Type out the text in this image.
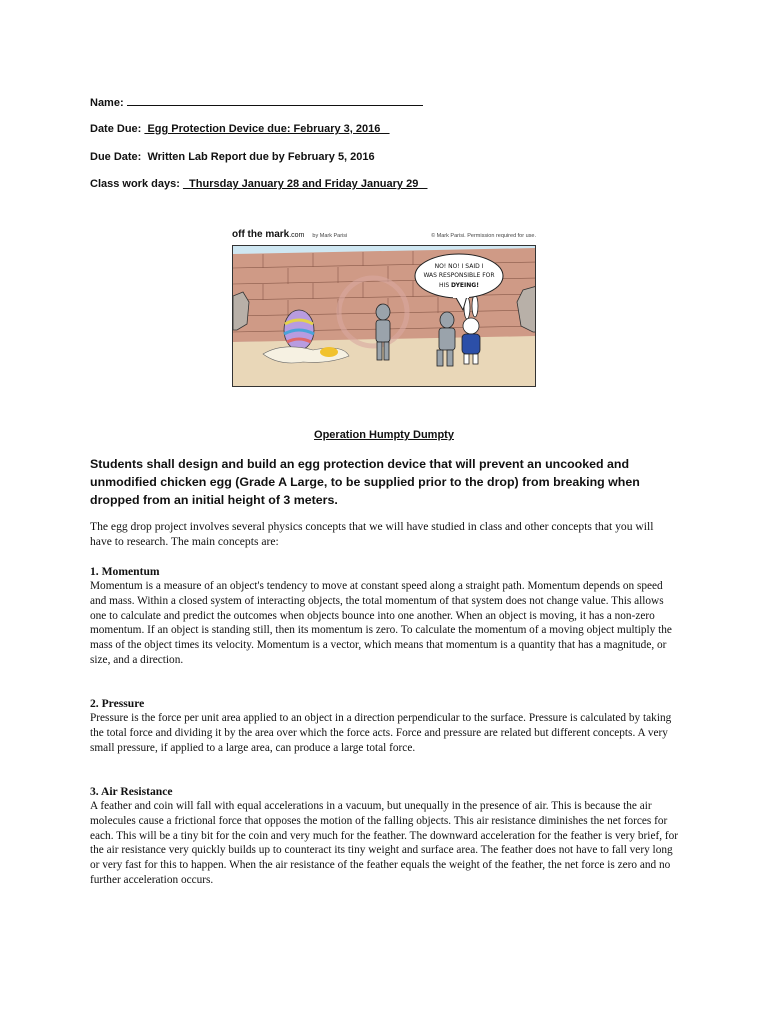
Name:
Date Due:  Egg Protection Device due: February 3, 2016
Due Date:  Written Lab Report due by February 5, 2016
Class work days:   Thursday January 28 and Friday January 29
off the mark.com by Mark Parisi	© Mark Parisi. Permission required for use.
NO! NO! I SAID I
WAS RESPONSIBLE FOR
HIS DYEING!
Operation Humpty Dumpty
Students shall design and build an egg protection device that will prevent an uncooked and unmodified chicken egg (Grade A Large, to be supplied prior to the drop) from breaking when dropped from an initial height of 3 meters.
The egg drop project involves several physics concepts that we will have studied in class and other concepts that you will have to research. The main concepts are:
1. Momentum
Momentum is a measure of an object's tendency to move at constant speed along a straight path. Momentum depends on speed and mass. Within a closed system of interacting objects, the total momentum of that system does not change value. This allows one to calculate and predict the outcomes when objects bounce into one another. When an object is moving, it has a non-zero momentum. If an object is standing still, then its momentum is zero. To calculate the momentum of a moving object multiply the mass of the object times its velocity. Momentum is a vector, which means that momentum is a quantity that has a magnitude, or size, and a direction.
2. Pressure
Pressure is the force per unit area applied to an object in a direction perpendicular to the surface. Pressure is calculated by taking the total force and dividing it by the area over which the force acts. Force and pressure are related but different concepts. A very small pressure, if applied to a large area, can produce a large total force.
3. Air Resistance
A feather and coin will fall with equal accelerations in a vacuum, but unequally in the presence of air. This is because the air molecules cause a frictional force that opposes the motion of the falling objects. This air resistance diminishes the net forces for each. This will be a tiny bit for the coin and very much for the feather. The downward acceleration for the feather is very brief, for the air resistance very quickly builds up to counteract its tiny weight and surface area. The feather does not have to fall very long or very fast for this to happen. When the air resistance of the feather equals the weight of the feather, the net force is zero and no further acceleration occurs.
